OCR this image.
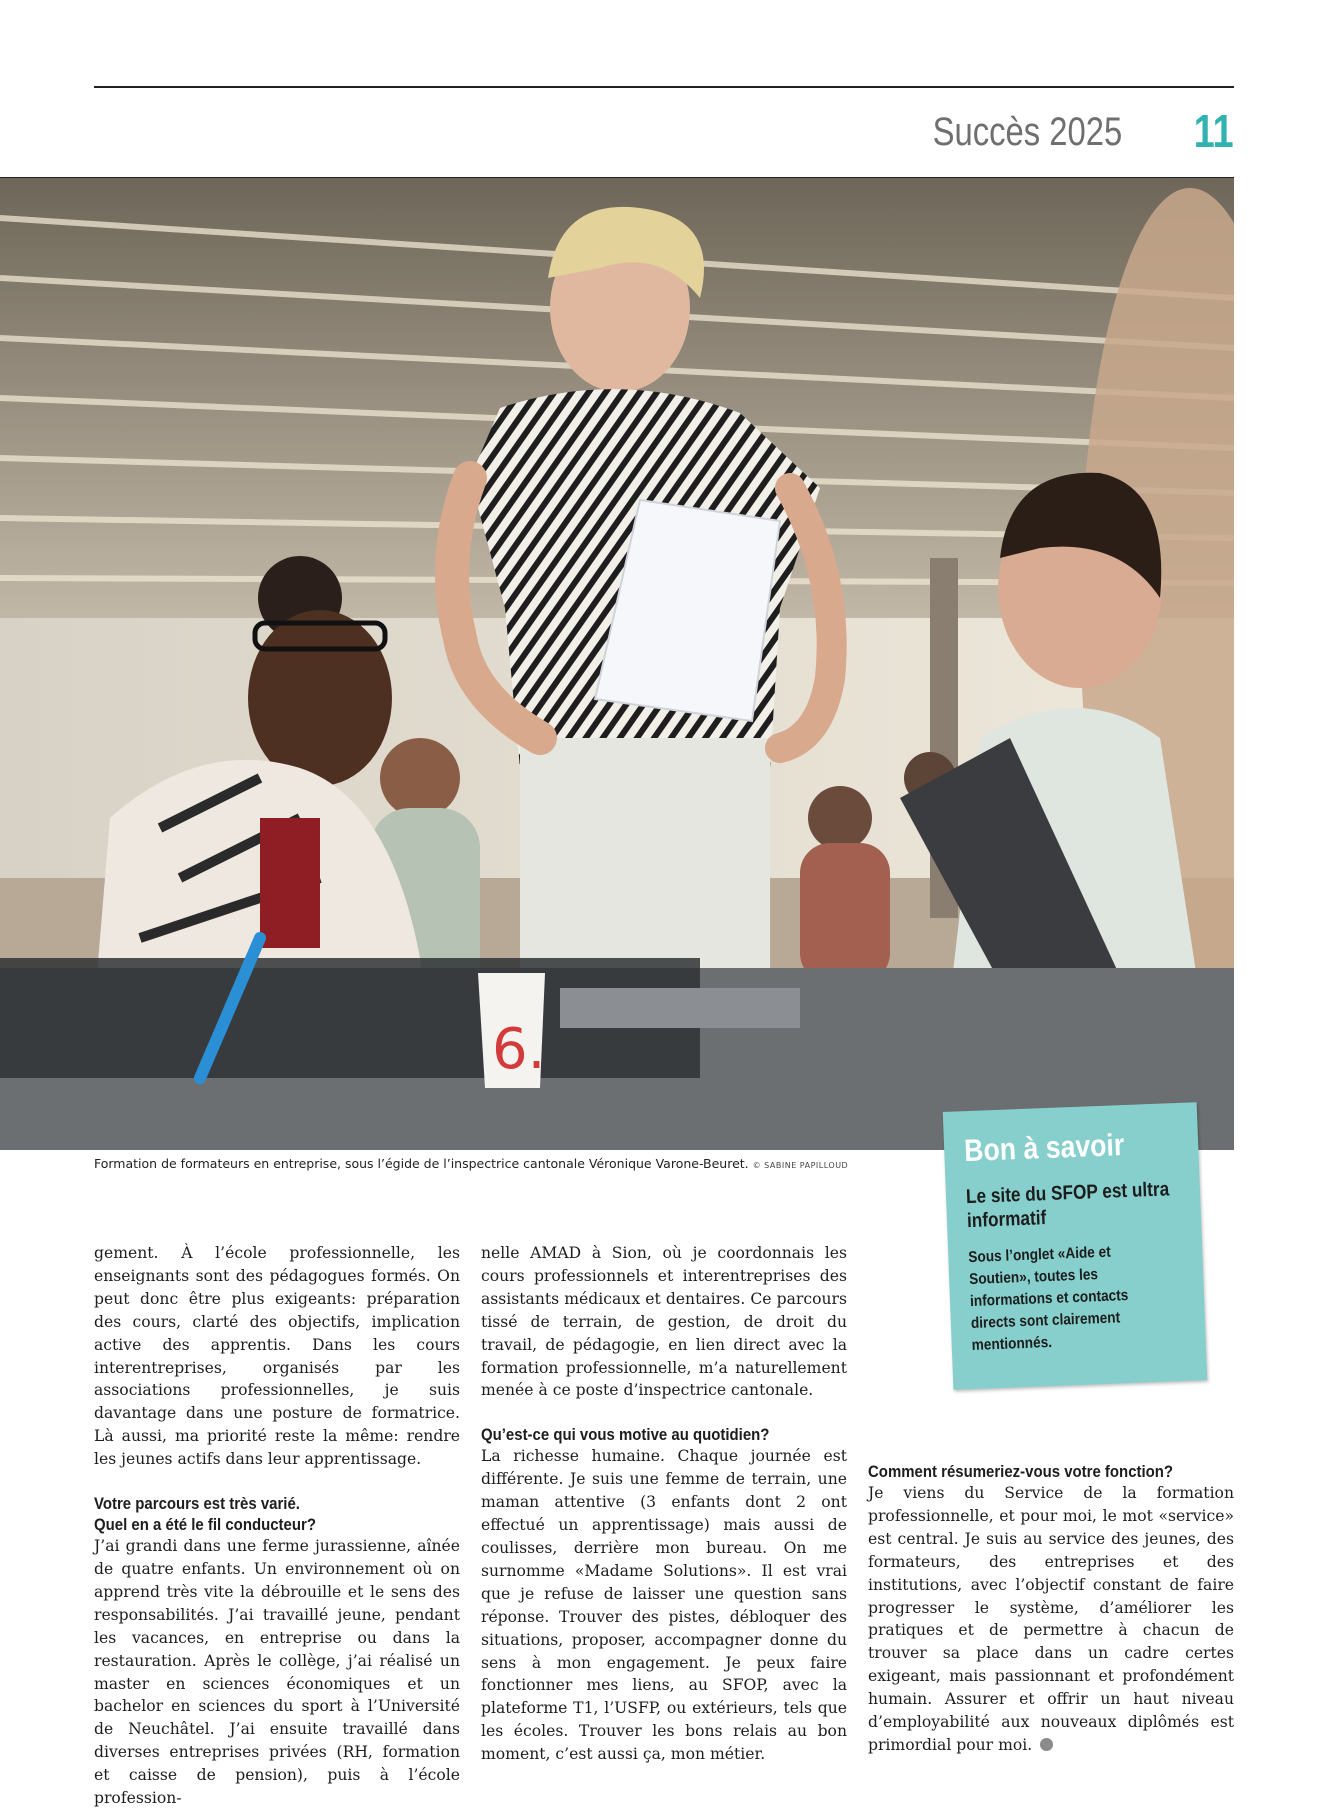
Succès 2025 11
6.
Formation de formateurs en entreprise, sous l’égide de l’inspectrice cantonale Véronique Varone-Beuret. © SABINE PAPILLOUD	Bon à savoir
Le site du SFOP est ultra informatif
Sous l’onglet «Aide et Soutien», toutes les informations et contacts directs sont clairement mentionnés.

gement. À l’école professionnelle, les enseignants sont des pédagogues formés. On peut donc être plus exigeants: préparation des cours, clarté des objectifs, implication active des apprentis. Dans les cours interentreprises, organisés par les associations professionnelles, je suis davantage dans une posture de formatrice. Là aussi, ma priorité reste la même: rendre les jeunes actifs dans leur apprentissage.

Votre parcours est très varié.
Quel en a été le fil conducteur?

J’ai grandi dans une ferme jurassienne, aînée de quatre enfants. Un environnement où on apprend très vite la débrouille et le sens des responsabilités. J’ai travaillé jeune, pendant les vacances, en entreprise ou dans la restauration. Après le collège, j’ai réalisé un master en sciences économiques et un bachelor en sciences du sport à l’Université de Neuchâtel. J’ai ensuite travaillé dans diverses entreprises privées (RH, formation et caisse de pension), puis à l’école profession-

nelle AMAD à Sion, où je coordonnais les cours professionnels et interentreprises des assistants médicaux et dentaires. Ce parcours tissé de terrain, de gestion, de droit du travail, de pédagogie, en lien direct avec la formation professionnelle, m’a naturellement menée à ce poste d’inspectrice cantonale.

Qu’est-ce qui vous motive au quotidien?

La richesse humaine. Chaque journée est différente. Je suis une femme de terrain, une maman attentive (3 enfants dont 2 ont effectué un apprentissage) mais aussi de coulisses, derrière mon bureau. On me surnomme «Madame Solutions». Il est vrai que je refuse de laisser une question sans réponse. Trouver des pistes, débloquer des situations, proposer, accompagner donne du sens à mon engagement. Je peux faire fonctionner mes liens, au SFOP, avec la plateforme T1, l’USFP, ou extérieurs, tels que les écoles. Trouver les bons relais au bon moment, c’est aussi ça, mon métier.

Comment résumeriez-vous votre fonction?

Je viens du Service de la formation professionnelle, et pour moi, le mot «service» est central. Je suis au service des jeunes, des formateurs, des entreprises et des institutions, avec l’objectif constant de faire progresser le système, d’améliorer les pratiques et de permettre à chacun de trouver sa place dans un cadre certes exigeant, mais passionnant et profondément humain. Assurer et offrir un haut niveau d’employabilité aux nouveaux diplômés est primordial pour moi.
